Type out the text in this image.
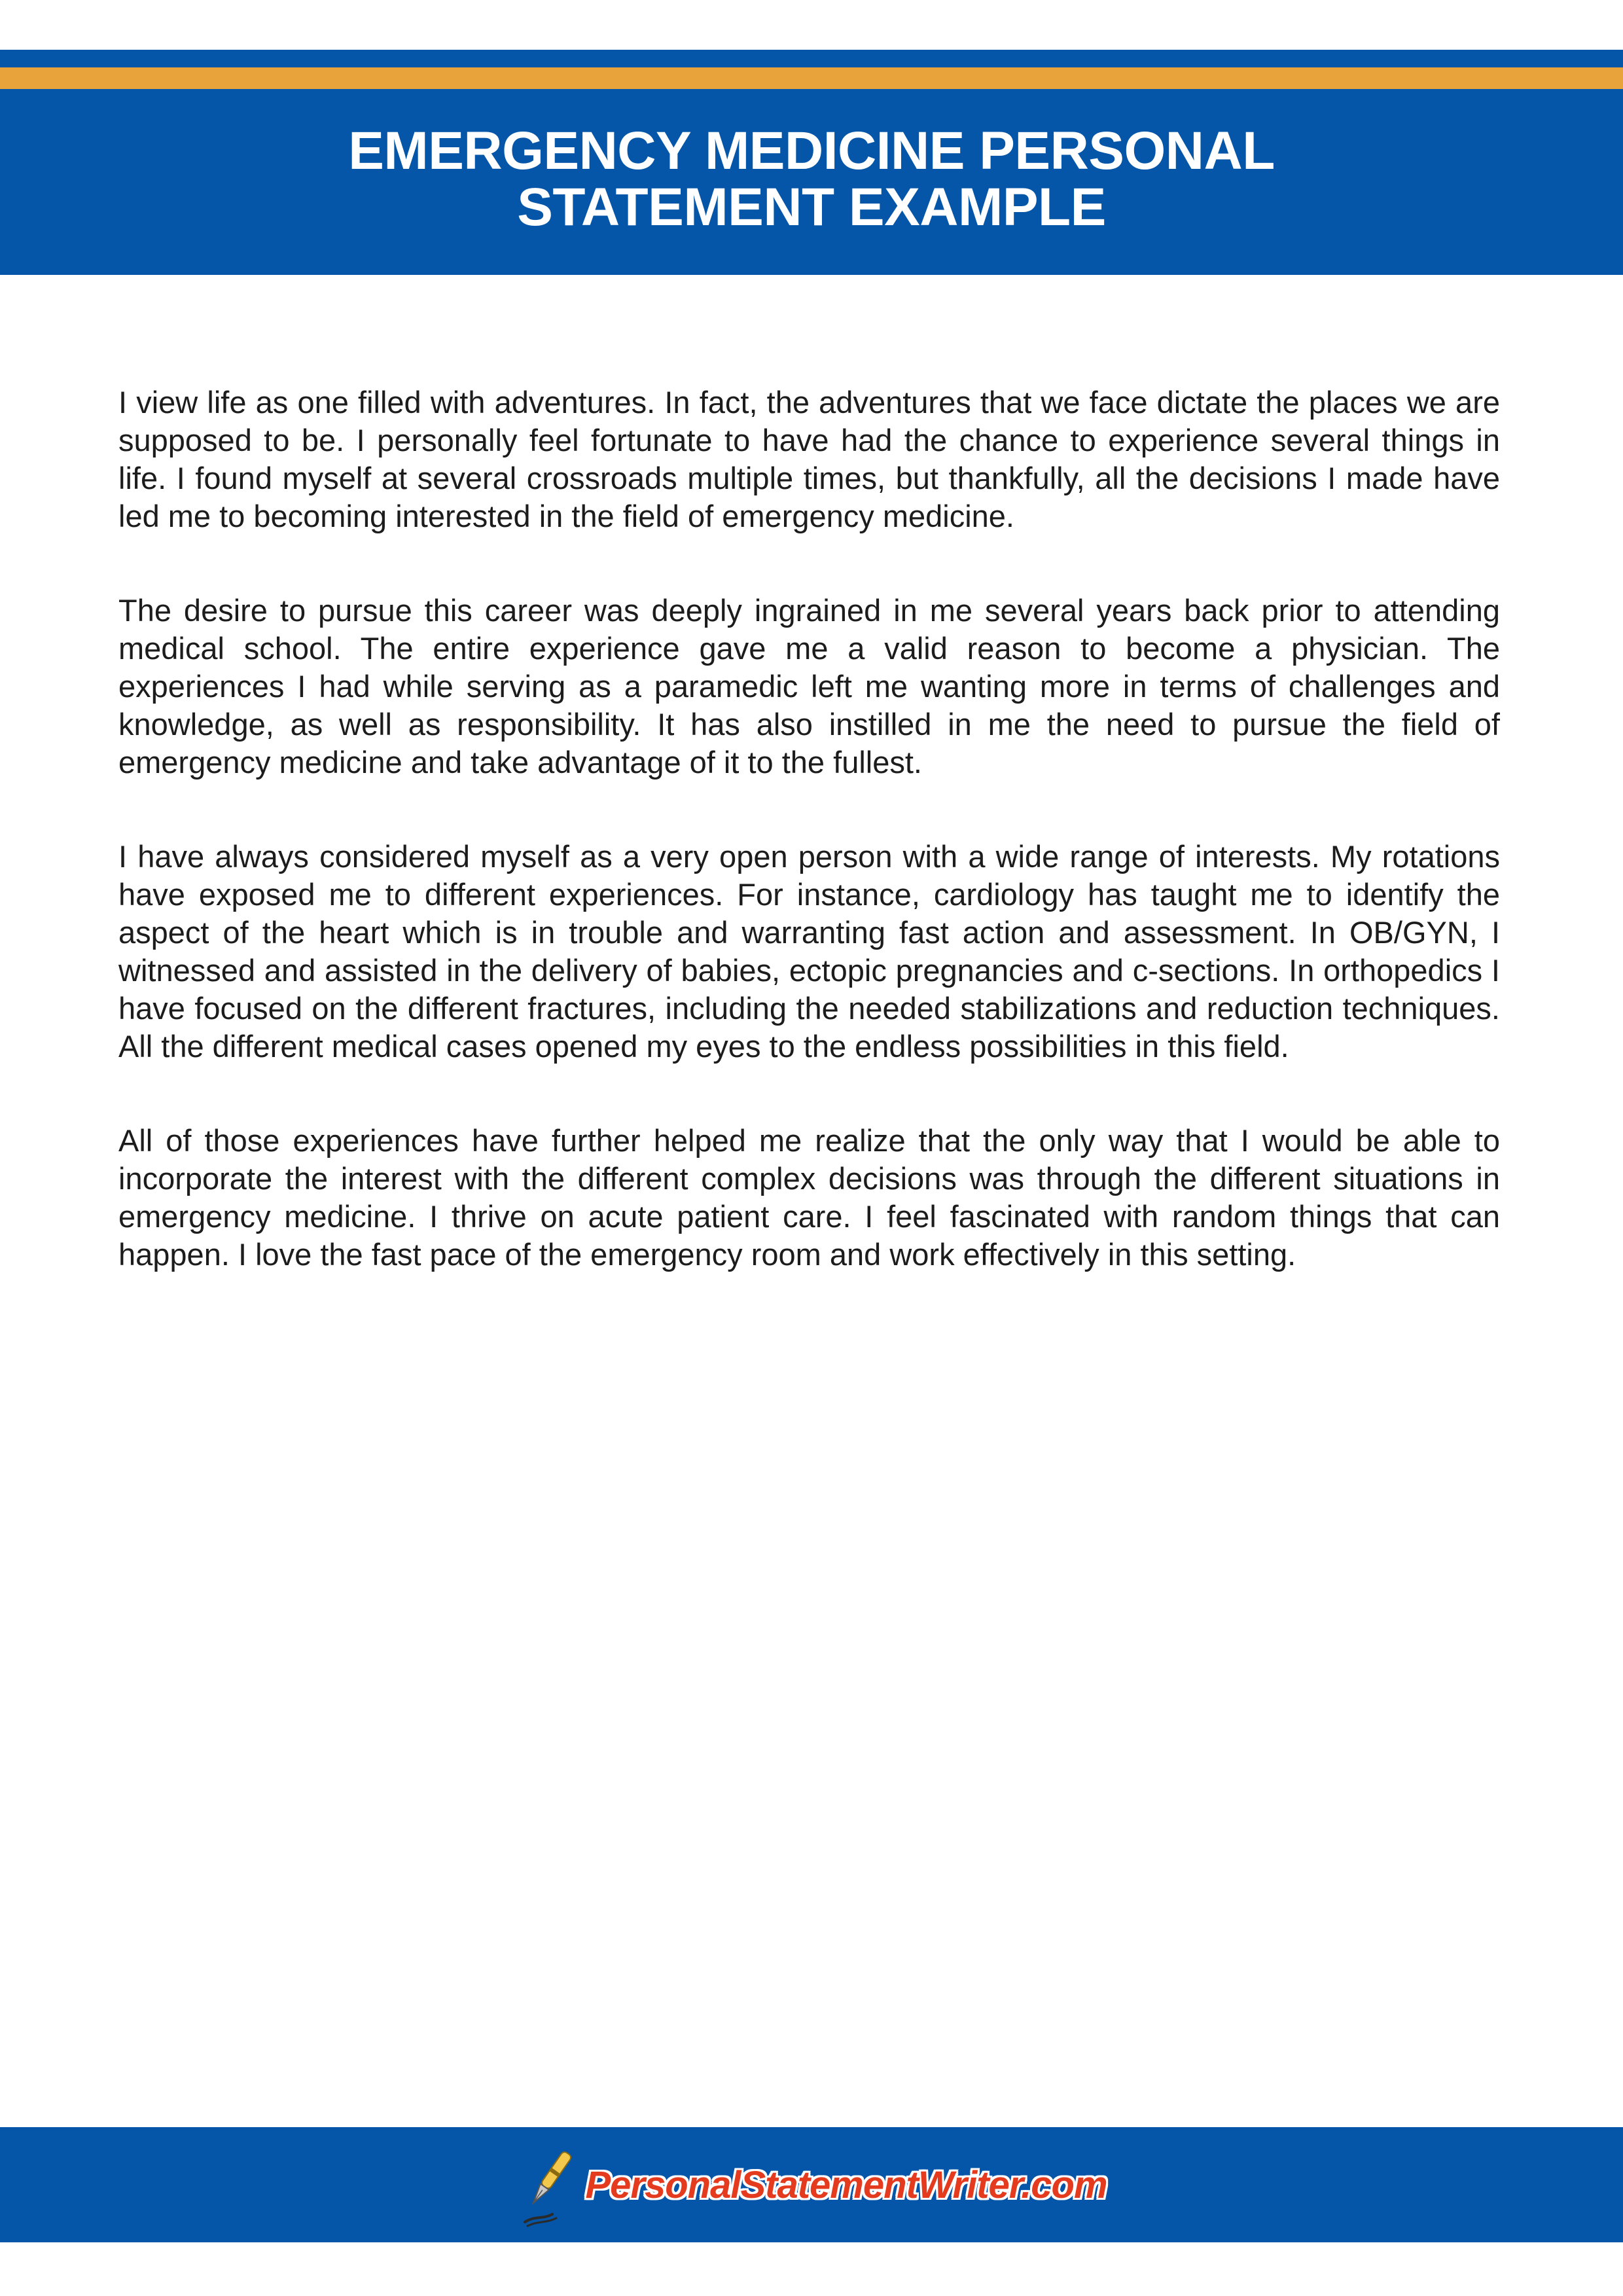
EMERGENCY MEDICINE PERSONAL
STATEMENT EXAMPLE

I view life as one filled with adventures. In fact, the adventures that we face dictate the places we are supposed to be. I personally feel fortunate to have had the chance to experience several things in life. I found myself at several crossroads multiple times, but thankfully, all the decisions I made have led me to becoming interested in the field of emergency medicine.

The desire to pursue this career was deeply ingrained in me several years back prior to attending medical school. The entire experience gave me a valid reason to become a physician. The experiences I had while serving as a paramedic left me wanting more in terms of challenges and knowledge, as well as responsibility. It has also instilled in me the need to pursue the field of emergency medicine and take advantage of it to the fullest.

I have always considered myself as a very open person with a wide range of interests. My rotations have exposed me to different experiences. For instance, cardiology has taught me to identify the aspect of the heart which is in trouble and warranting fast action and assessment. In OB/GYN, I witnessed and assisted in the delivery of babies, ectopic pregnancies and c-sections. In orthopedics I have focused on the different fractures, including the needed stabilizations and reduction techniques. All the different medical cases opened my eyes to the endless possibilities in this field.

All of those experiences have further helped me realize that the only way that I would be able to incorporate the interest with the different complex decisions was through the different situations in emergency medicine. I thrive on acute patient care. I feel fascinated with random things that can happen. I love the fast pace of the emergency room and work effectively in this setting.

PersonalStatementWriter.com
